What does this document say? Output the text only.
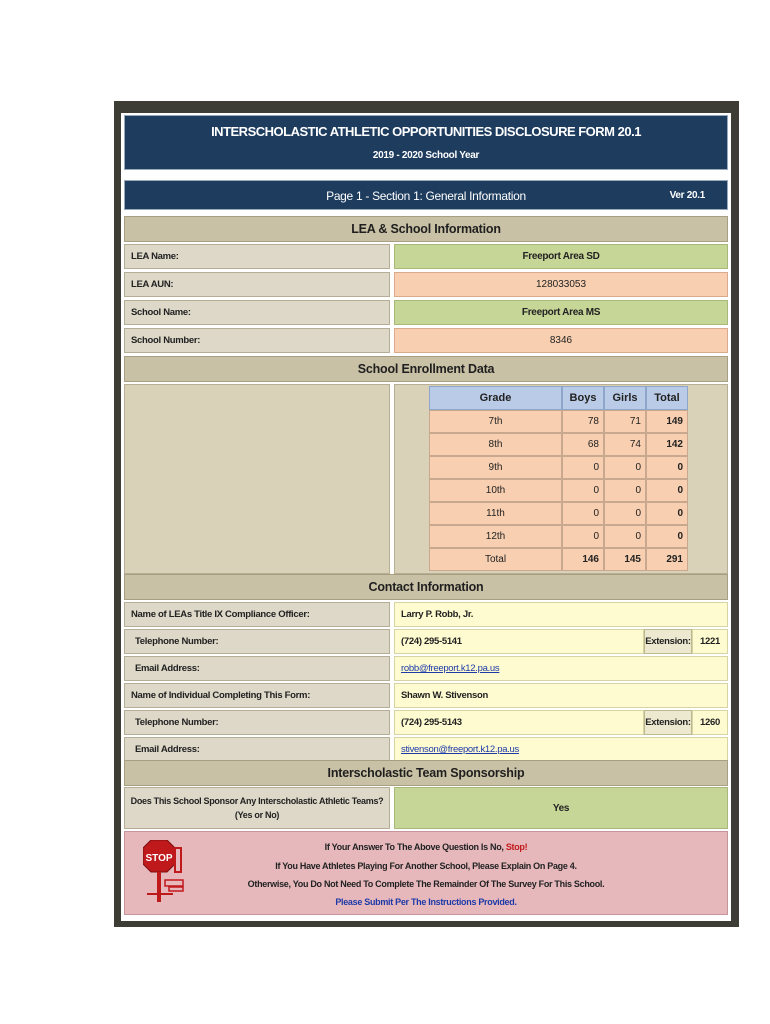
INTERSCHOLASTIC ATHLETIC OPPORTUNITIES DISCLOSURE FORM 20.1
2019 - 2020 School Year
Page 1 - Section 1: General Information	Ver 20.1
LEA & School Information
LEA Name:	Freeport Area SD
LEA AUN:	128033053
School Name:	Freeport Area MS
School Number:	8346
School Enrollment Data
Grade	Boys	Girls	Total
7th	78	71	149
8th	68	74	142
9th	0	0	0
10th	0	0	0
11th	0	0	0
12th	0	0	0
Total	146	145	291
Contact Information
Name of LEAs Title IX Compliance Officer:	Larry P. Robb, Jr.
Telephone Number:	(724) 295-5141	Extension: 1221
Email Address:	robb@freeport.k12.pa.us
Name of Individual Completing This Form:	Shawn W. Stivenson
Telephone Number:	(724) 295-5143	Extension: 1260
Email Address:	stivenson@freeport.k12.pa.us
Interscholastic Team Sponsorship
Does This School Sponsor Any Interscholastic Athletic Teams?
(Yes or No)
Yes
STOP
If Your Answer To The Above Question Is No, Stop!
If You Have Athletes Playing For Another School, Please Explain On Page 4.
Otherwise, You Do Not Need To Complete The Remainder Of The Survey For This School.
Please Submit Per The Instructions Provided.
